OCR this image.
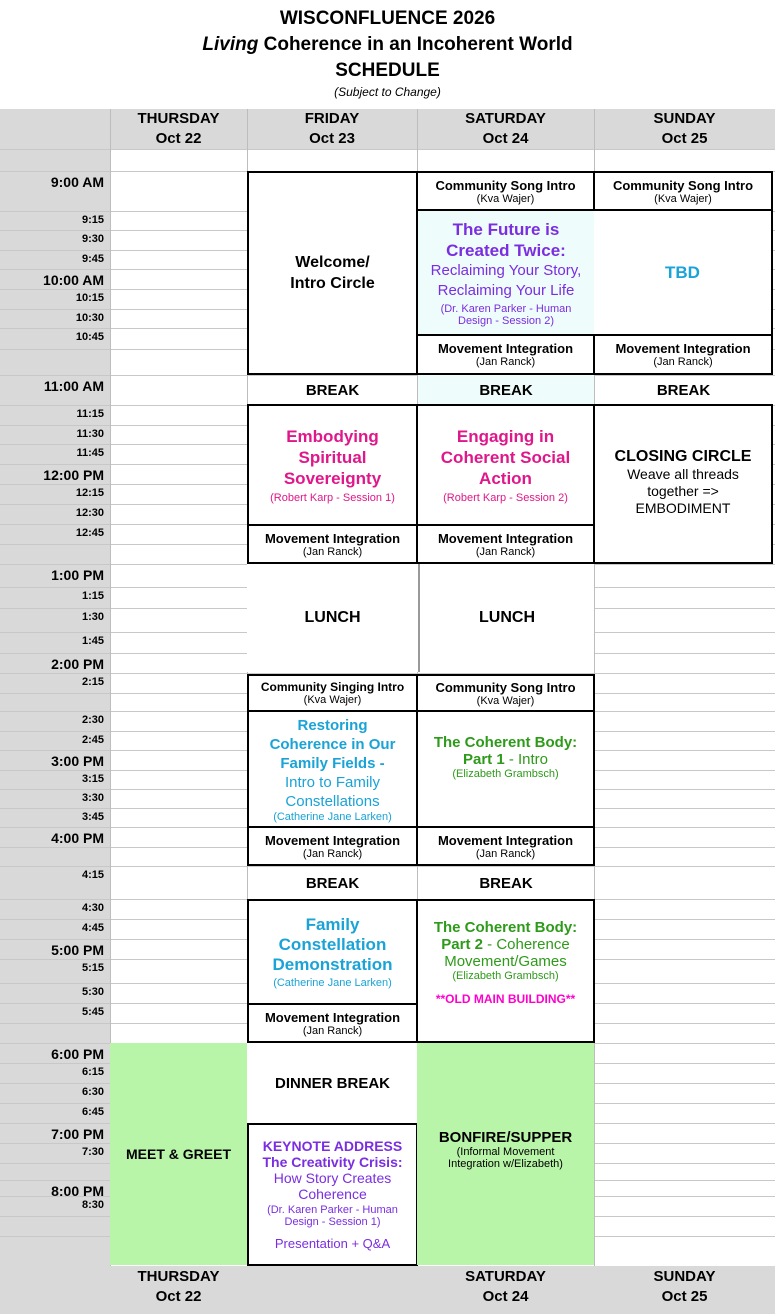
WISCONFLUENCE 2026
Living Coherence in an Incoherent World
SCHEDULE
(Subject to Change)
THURSDAY
Oct 22
FRIDAY
Oct 23
SATURDAY
Oct 24
SUNDAY
Oct 25
9:00 AM
9:15
9:30
9:45
10:00 AM
10:15
10:30
10:45
11:00 AM
11:15
11:30
11:45
12:00 PM
12:15
12:30
12:45
1:00 PM
1:15
1:30
1:45
2:00 PM
2:15
2:30
2:45
3:00 PM
3:15
3:30
3:45
4:00 PM
4:15
4:30
4:45
5:00 PM
5:15
5:30
5:45
6:00 PM
6:15
6:30
6:45
7:00 PM
7:30
8:00 PM
8:30
MEET & GREET
Welcome/
Intro Circle
BREAK
Embodying Spiritual Sovereignty
(Robert Karp - Session 1)
Movement Integration
(Jan Ranck)
LUNCH
Community Singing Intro
(Kva Wajer)
Restoring Coherence in Our Family Fields -
Intro to Family Constellations
(Catherine Jane Larken)
Movement Integration
(Jan Ranck)
BREAK
Family Constellation Demonstration
(Catherine Jane Larken)
Movement Integration
(Jan Ranck)
DINNER BREAK
KEYNOTE ADDRESS
The Creativity Crisis:
How Story Creates Coherence
(Dr. Karen Parker - Human Design - Session 1)
Presentation + Q&A
Community Song Intro
(Kva Wajer)
The Future is Created Twice:
Reclaiming Your Story, Reclaiming Your Life
(Dr. Karen Parker - Human Design - Session 2)
Movement Integration
(Jan Ranck)
BREAK
Engaging in Coherent Social Action
(Robert Karp - Session 2)
Movement Integration
(Jan Ranck)
LUNCH
Community Song Intro
(Kva Wajer)
The Coherent Body:
Part 1 - Intro
(Elizabeth Grambsch)
Movement Integration
(Jan Ranck)
BREAK
The Coherent Body:
Part 2 - Coherence Movement/Games
(Elizabeth Grambsch)
**OLD MAIN BUILDING**
BONFIRE/SUPPER
(Informal Movement Integration w/Elizabeth)
Community Song Intro
(Kva Wajer)
TBD
Movement Integration
(Jan Ranck)
BREAK
CLOSING CIRCLE
Weave all threads together => EMBODIMENT
THURSDAY
Oct 22
SATURDAY
Oct 24
SUNDAY
Oct 25
